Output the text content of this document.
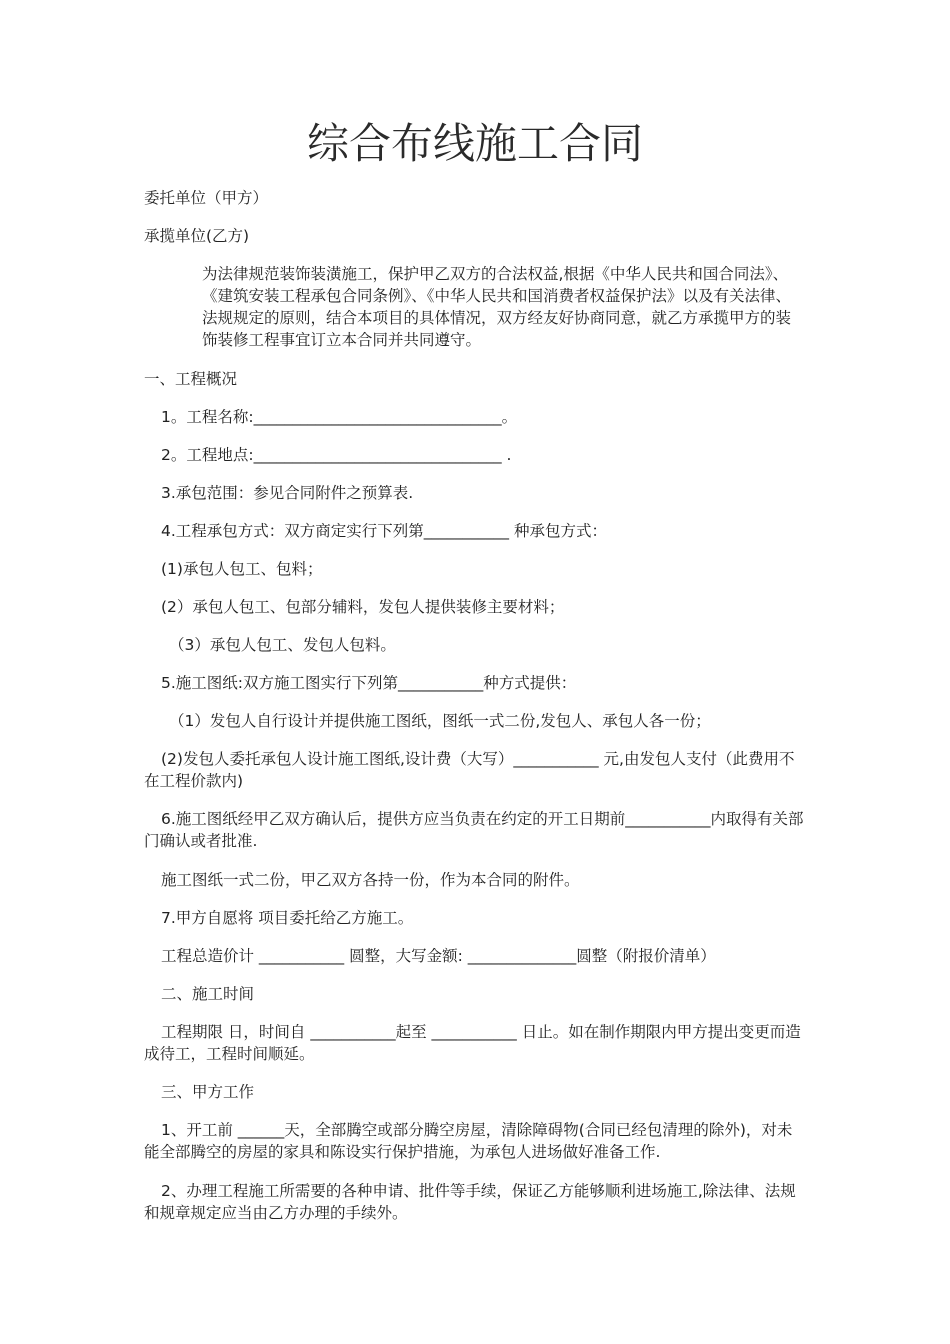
综合布线施工合同
委托单位（甲方）
承揽单位(乙方)
为法律规范装饰装潢施工，保护甲乙双方的合法权益,根据《中华人民共和国合同法》、《建筑安装工程承包合同条例》、《中华人民共和国消费者权益保护法》以及有关法律、法规规定的原则，结合本项目的具体情况，双方经友好协商同意，就乙方承揽甲方的装饰装修工程事宜订立本合同并共同遵守。
一、工程概况
1。工程名称:________________________________。
2。工程地点:________________________________ .
3.承包范围：参见合同附件之预算表.
4.工程承包方式：双方商定实行下列第___________ 种承包方式：
(1)承包人包工、包料；
(2）承包人包工、包部分辅料，发包人提供装修主要材料；
（3）承包人包工、发包人包料。
5.施工图纸:双方施工图实行下列第___________种方式提供：
（1）发包人自行设计并提供施工图纸，图纸一式二份,发包人、承包人各一份；
(2)发包人委托承包人设计施工图纸,设计费（大写）___________ 元,由发包人支付（此费用不在工程价款内)
6.施工图纸经甲乙双方确认后，提供方应当负责在约定的开工日期前___________内取得有关部门确认或者批准.
施工图纸一式二份，甲乙双方各持一份，作为本合同的附件。
7.甲方自愿将 项目委托给乙方施工。
工程总造价计 ___________ 圆整，大写金额: ______________圆整（附报价清单）
二、施工时间
工程期限 日，时间自 ___________起至 ___________ 日止。如在制作期限内甲方提出变更而造成待工，工程时间顺延。
三、甲方工作
1、开工前 ______天，全部腾空或部分腾空房屋，清除障碍物(合同已经包清理的除外)，对未能全部腾空的房屋的家具和陈设实行保护措施，为承包人进场做好准备工作.
2、办理工程施工所需要的各种申请、批件等手续，保证乙方能够顺利进场施工,除法律、法规和规章规定应当由乙方办理的手续外。
